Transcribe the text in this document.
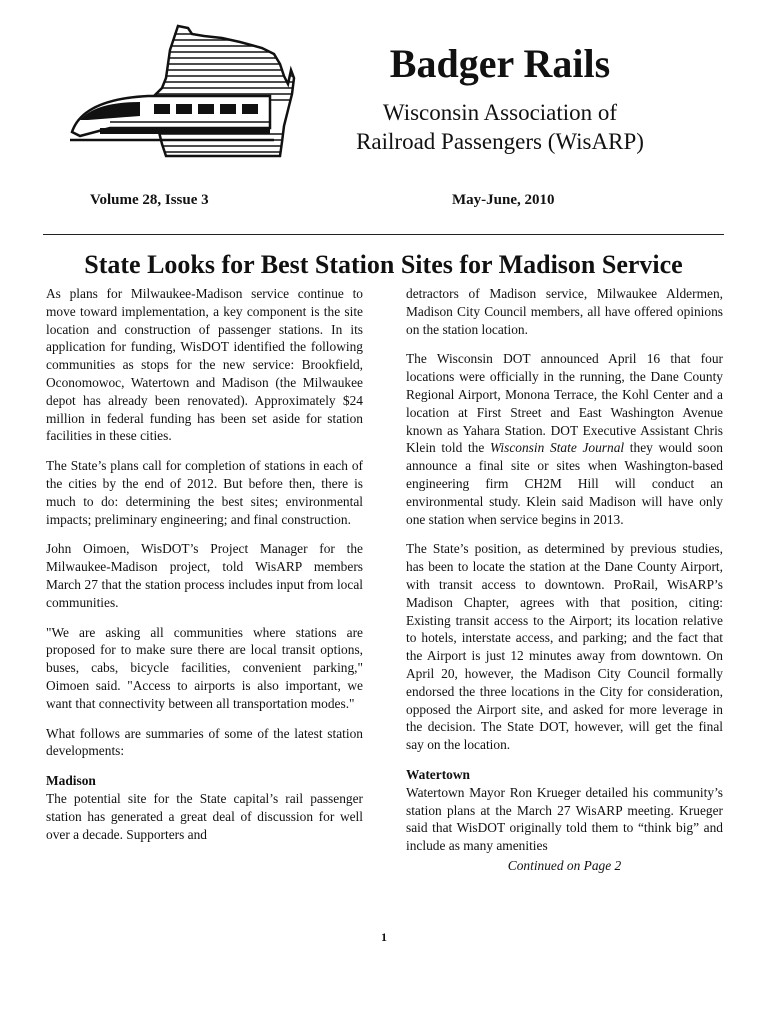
Badger Rails
Wisconsin Association of
Railroad Passengers (WisARP)
Volume 28, Issue 3	May-June, 2010
State Looks for Best Station Sites for Madison Service

As plans for Milwaukee-Madison service continue to move toward implementation, a key component is the site location and construction of passenger stations. In its application for funding, WisDOT identified the following communities as stops for the new service: Brookfield, Oconomowoc, Watertown and Madison (the Milwaukee depot has already been renovated). Approximately $24 million in federal funding has been set aside for station facilities in these cities.

The State’s plans call for completion of stations in each of the cities by the end of 2012. But before then, there is much to do: determining the best sites; environmental impacts; preliminary engineering; and final construction.

John Oimoen, WisDOT’s Project Manager for the Milwaukee-Madison project, told WisARP members March 27 that the station process includes input from local communities.

"We are asking all communities where stations are proposed for to make sure there are local transit options, buses, cabs, bicycle facilities, convenient parking," Oimoen said. "Access to airports is also important, we want that connectivity between all transportation modes."

What follows are summaries of some of the latest station developments:

Madison

The potential site for the State capital’s rail passenger station has generated a great deal of discussion for well over a decade. Supporters and

detractors of Madison service, Milwaukee Aldermen, Madison City Council members, all have offered opinions on the station location.

The Wisconsin DOT announced April 16 that four locations were officially in the running, the Dane County Regional Airport, Monona Terrace, the Kohl Center and a location at First Street and East Washington Avenue known as Yahara Station. DOT Executive Assistant Chris Klein told the Wisconsin State Journal they would soon announce a final site or sites when Washington-based engineering firm CH2M Hill will conduct an environmental study. Klein said Madison will have only one station when service begins in 2013.

The State’s position, as determined by previous studies, has been to locate the station at the Dane County Airport, with transit access to downtown. ProRail, WisARP’s Madison Chapter, agrees with that position, citing: Existing transit access to the Airport; its location relative to hotels, interstate access, and parking; and the fact that the Airport is just 12 minutes away from downtown. On April 20, however, the Madison City Council formally endorsed the three locations in the City for consideration, opposed the Airport site, and asked for more leverage in the decision. The State DOT, however, will get the final say on the location.

Watertown

Watertown Mayor Ron Krueger detailed his community’s station plans at the March 27 WisARP meeting. Krueger said that WisDOT originally told them to “think big” and include as many amenities

Continued on Page 2
1
